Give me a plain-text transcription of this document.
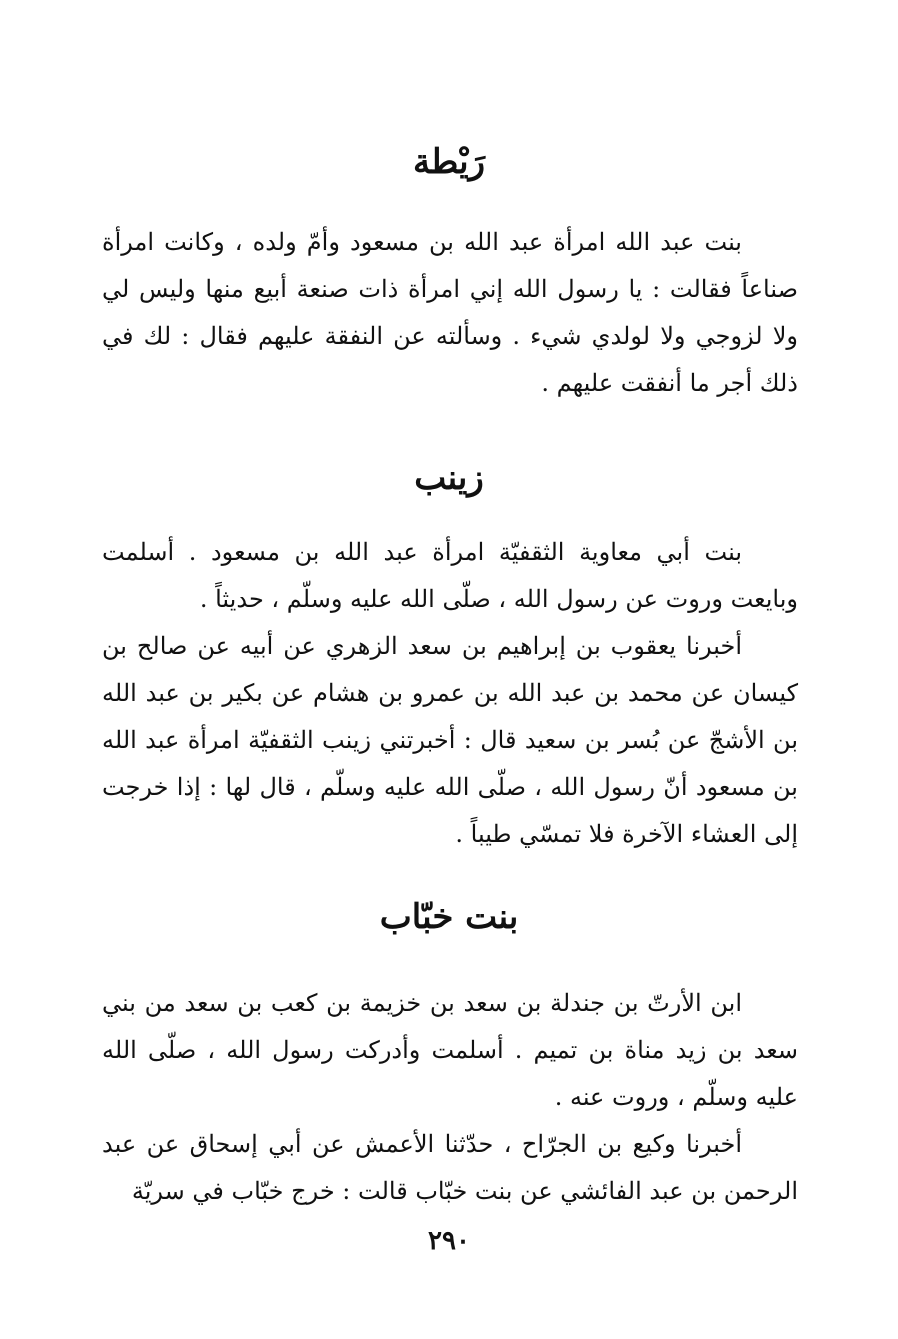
رَيْطة

بنت عبد الله امرأة عبد الله بن مسعود وأمّ ولده ، وكانت امرأة صناعاً فقالت : يا رسول الله إني امرأة ذات صنعة أبيع منها وليس لي ولا لزوجي ولا لولدي شيء . وسألته عن النفقة عليهم فقال : لك في ذلك أجر ما أنفقت عليهم .

زينب

بنت أبي معاوية الثقفيّة امرأة عبد الله بن مسعود . أسلمت وبايعت وروت عن رسول الله ، صلّى الله عليه وسلّم ، حديثاً .

أخبرنا يعقوب بن إبراهيم بن سعد الزهري عن أبيه عن صالح بن كيسان عن محمد بن عبد الله بن عمرو بن هشام عن بكير بن عبد الله بن الأشجّ عن بُسر بن سعيد قال : أخبرتني زينب الثقفيّة امرأة عبد الله بن مسعود أنّ رسول الله ، صلّى الله عليه وسلّم ، قال لها : إذا خرجت إلى العشاء الآخرة فلا تمسّي طيباً .

بنت خبّاب

ابن الأرتّ بن جندلة بن سعد بن خزيمة بن كعب بن سعد من بني سعد بن زيد مناة بن تميم . أسلمت وأدركت رسول الله ، صلّى الله عليه وسلّم ، وروت عنه .

أخبرنا وكيع بن الجرّاح ، حدّثنا الأعمش عن أبي إسحاق عن عبد الرحمن بن عبد الفائشي عن بنت خبّاب قالت : خرج خبّاب في سريّة

٢٩٠
